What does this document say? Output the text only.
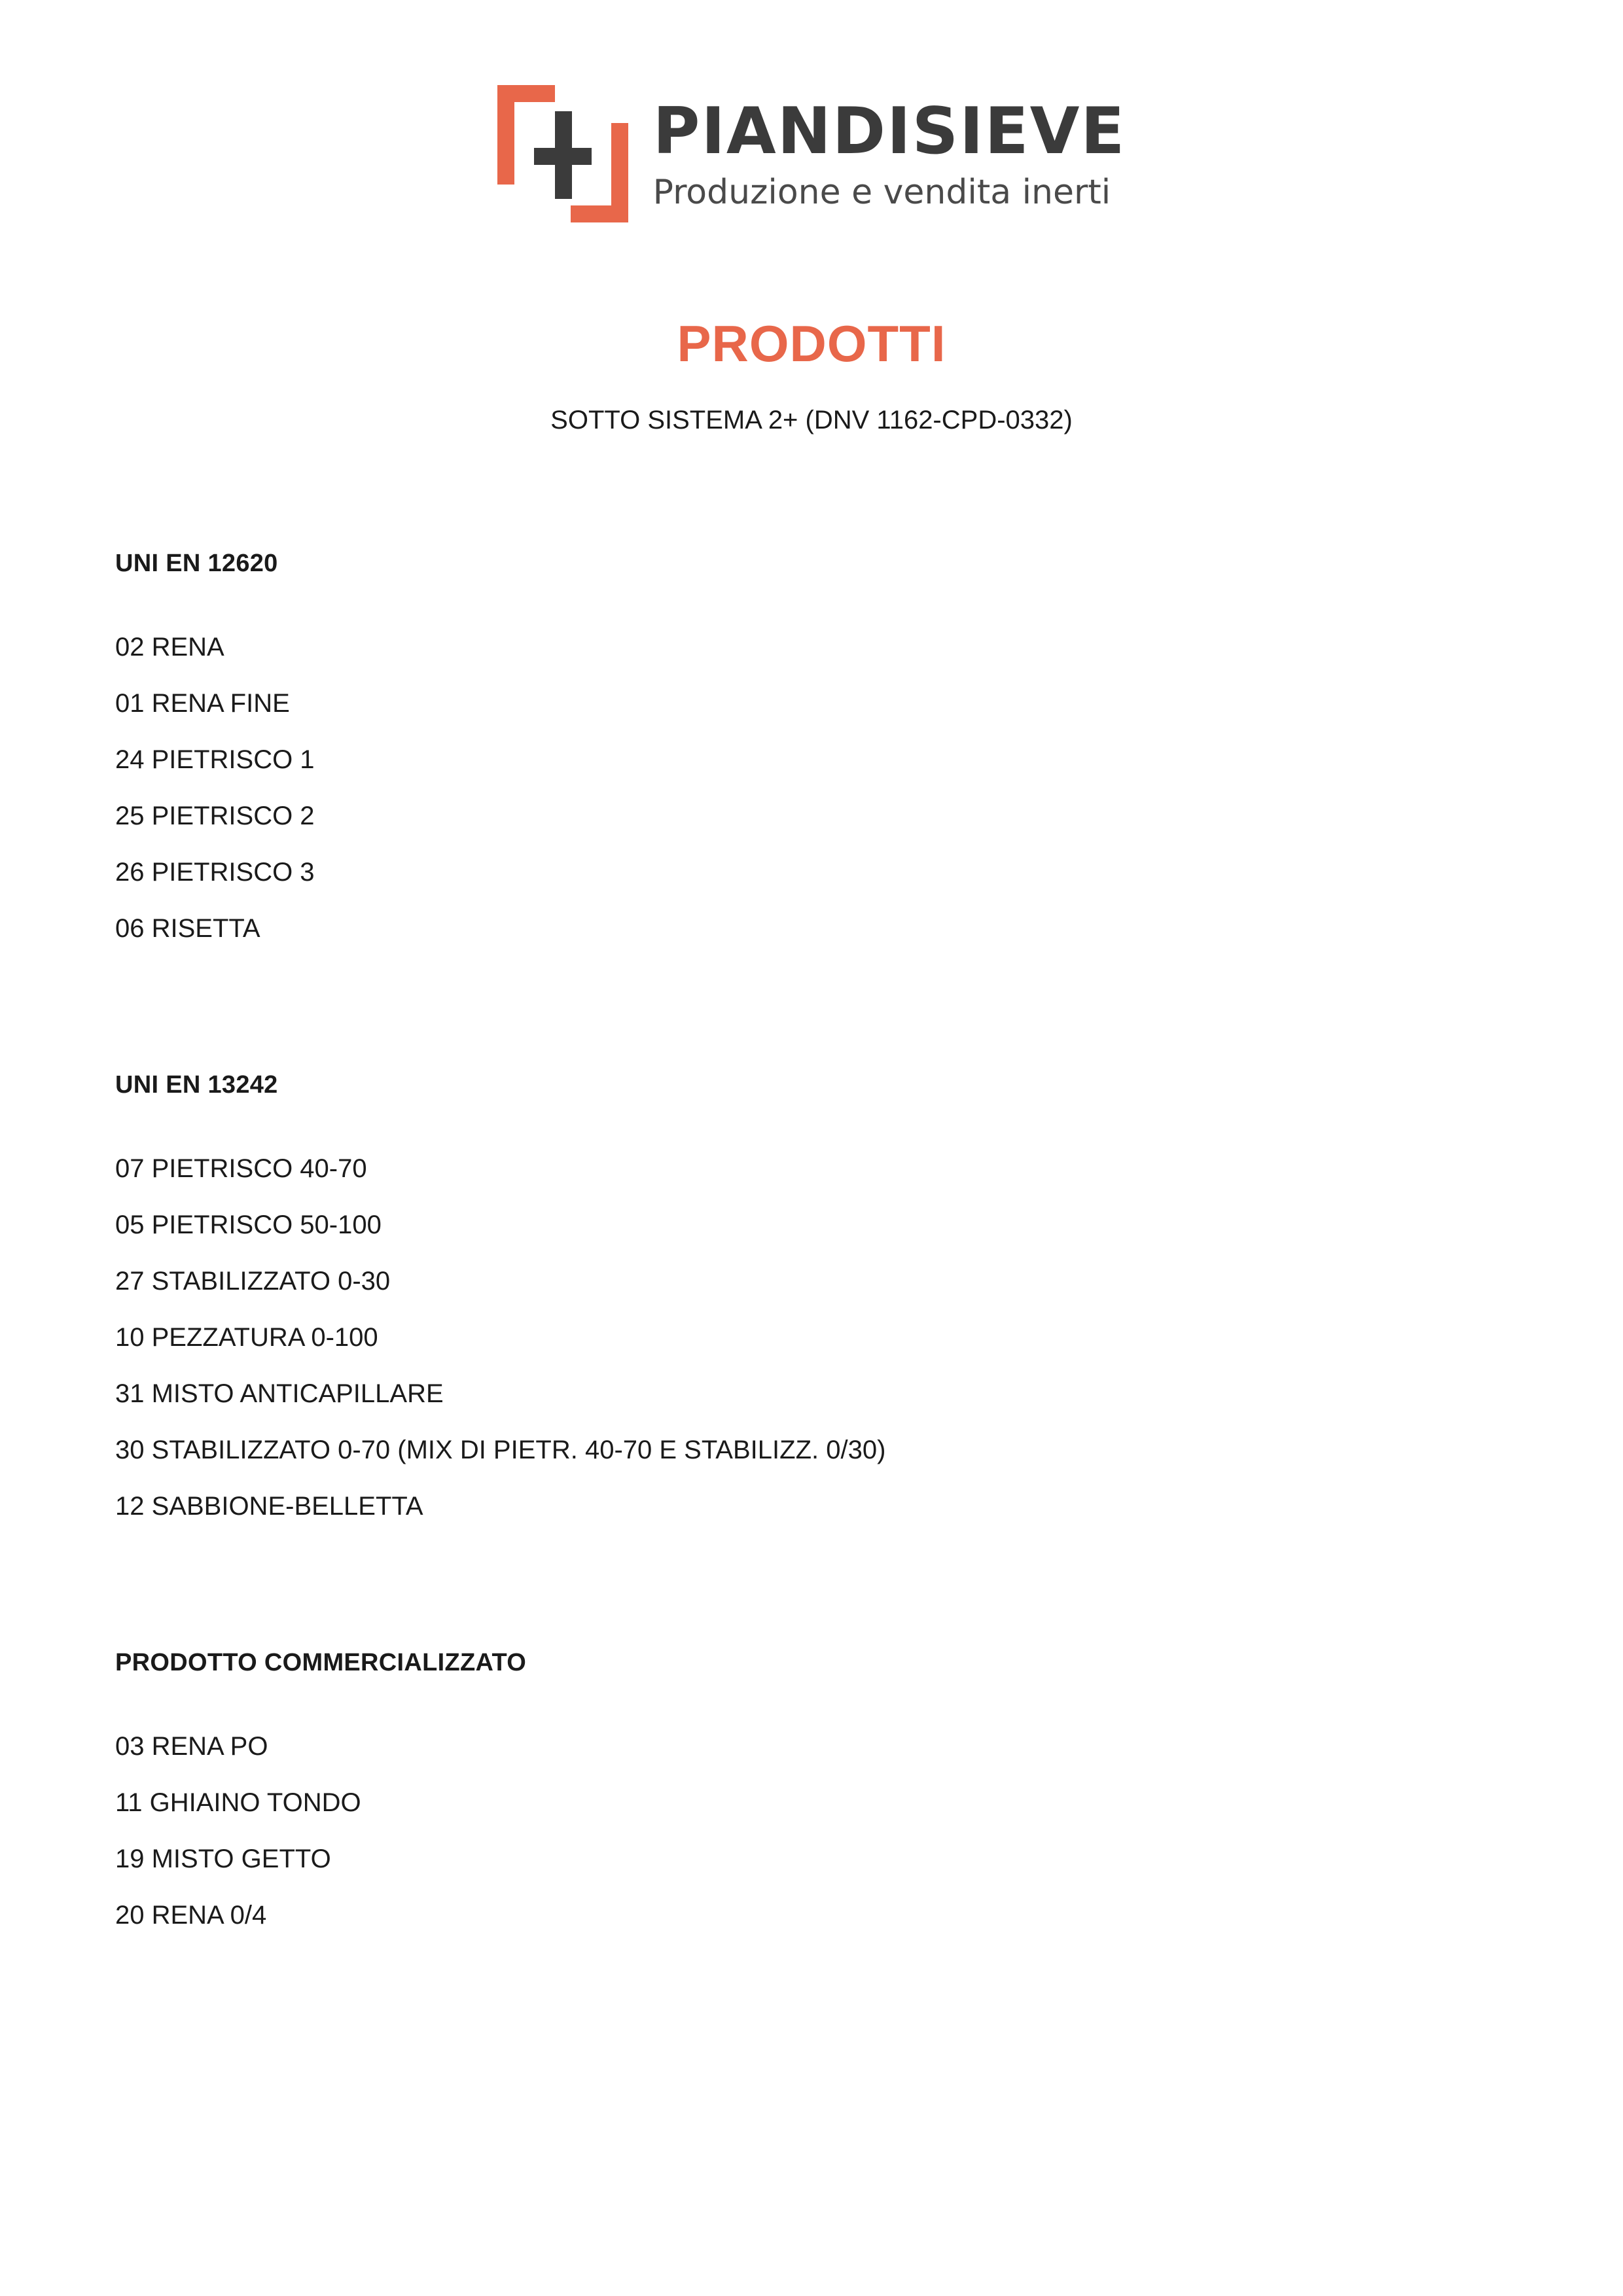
PIANDISIEVE
Produzione e vendita inerti
PRODOTTI
SOTTO SISTEMA 2+ (DNV 1162-CPD-0332)
UNI EN 12620
02 RENA
01 RENA FINE
24 PIETRISCO 1
25 PIETRISCO 2
26 PIETRISCO 3
06 RISETTA
UNI EN 13242
07 PIETRISCO 40-70
05 PIETRISCO 50-100
27 STABILIZZATO 0-30
10 PEZZATURA 0-100
31 MISTO ANTICAPILLARE
30 STABILIZZATO 0-70 (MIX DI PIETR. 40-70 E STABILIZZ. 0/30)
12 SABBIONE-BELLETTA
PRODOTTO COMMERCIALIZZATO
03 RENA PO
11 GHIAINO TONDO
19 MISTO GETTO
20 RENA 0/4
